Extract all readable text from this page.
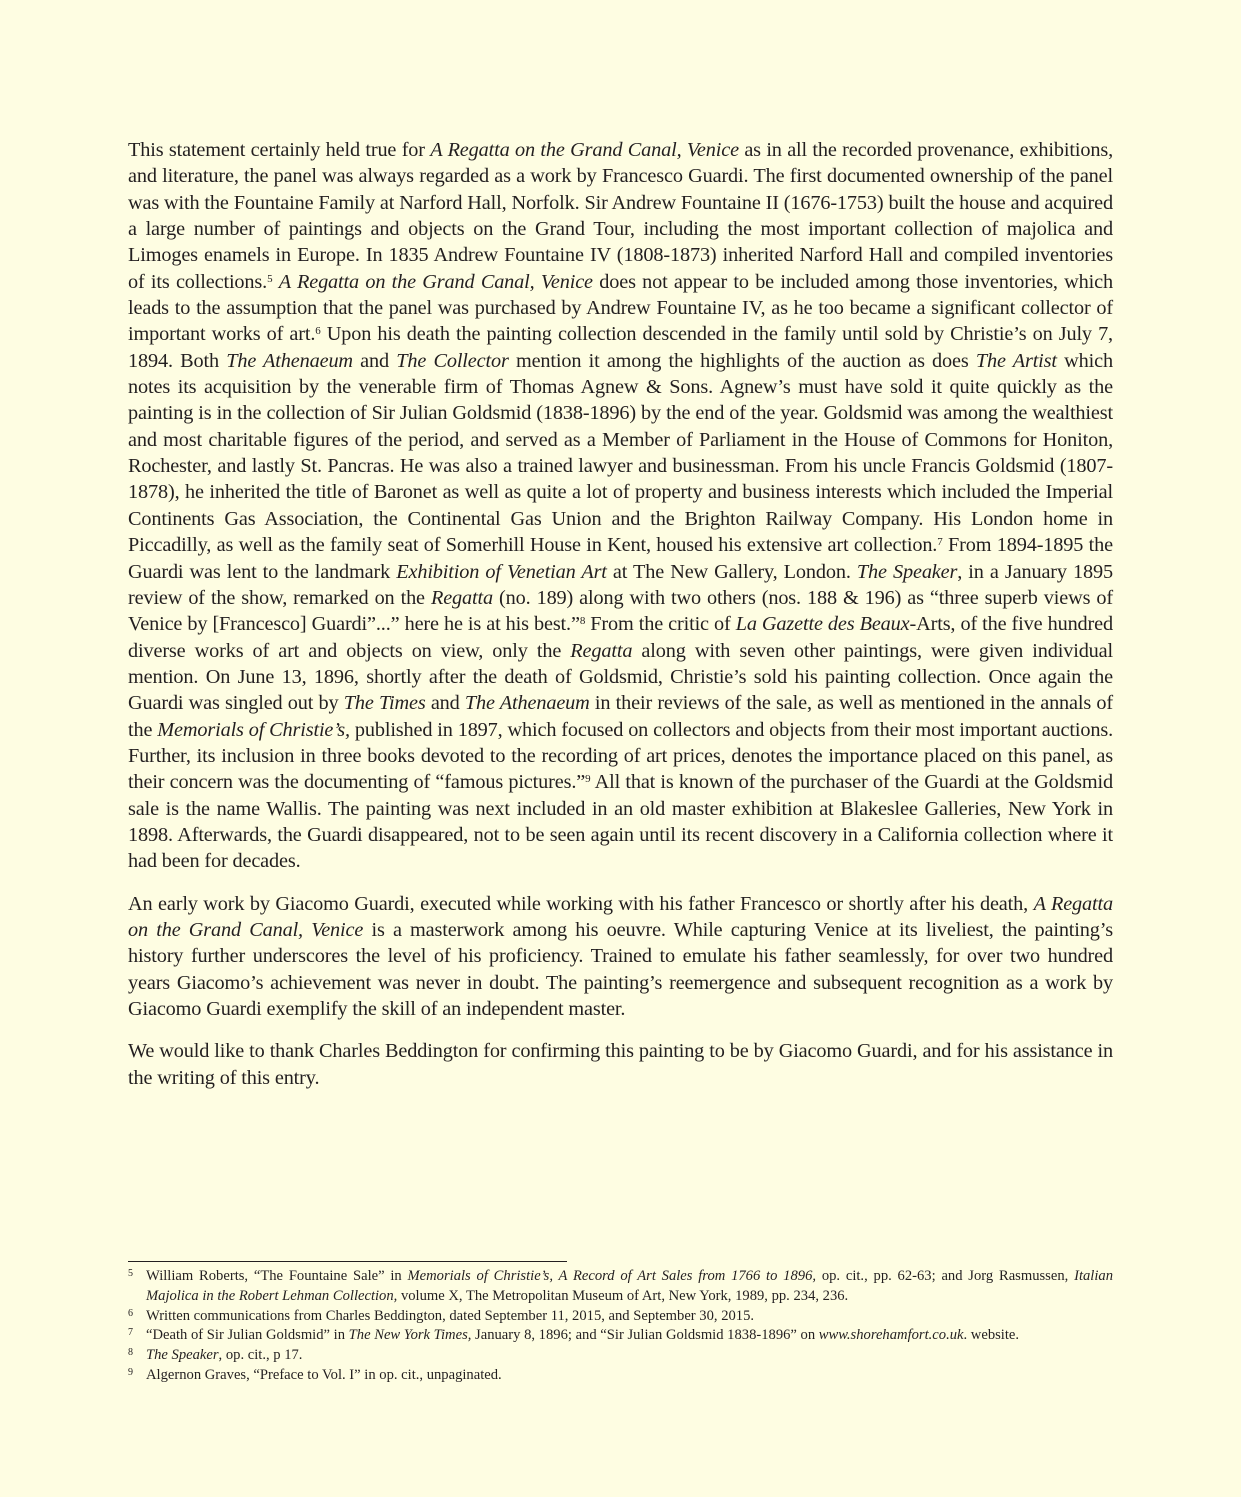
This statement certainly held true for A Regatta on the Grand Canal, Venice as in all the recorded provenance, exhibitions, and literature, the panel was always regarded as a work by Francesco Guardi. The first documented ownership of the panel was with the Fountaine Family at Narford Hall, Norfolk. Sir Andrew Fountaine II (1676-1753) built the house and acquired a large number of paintings and objects on the Grand Tour, including the most important collection of majolica and Limoges enamels in Europe. In 1835 Andrew Fountaine IV (1808-1873) inherited Narford Hall and compiled inventories of its collections.$^5$ A Regatta on the Grand Canal, Venice does not appear to be included among those inventories, which leads to the assumption that the panel was purchased by Andrew Fountaine IV, as he too became a significant collector of important works of art.$^6$ Upon his death the painting collection descended in the family until sold by Christie’s on July 7, 1894. Both The Athenaeum and The Collector mention it among the highlights of the auction as does The Artist which notes its acquisition by the venerable firm of Thomas Agnew & Sons. Agnew’s must have sold it quite quickly as the painting is in the collection of Sir Julian Goldsmid (1838-1896) by the end of the year. Goldsmid was among the wealthiest and most charitable figures of the period, and served as a Member of Parliament in the House of Commons for Honiton, Rochester, and lastly St. Pancras. He was also a trained lawyer and businessman. From his uncle Francis Goldsmid (1807-1878), he inherited the title of Baronet as well as quite a lot of property and business interests which included the Imperial Continents Gas Association, the Continental Gas Union and the Brighton Railway Company. His London home in Piccadilly, as well as the family seat of Somerhill House in Kent, housed his extensive art collection.$^7$ From 1894-1895 the Guardi was lent to the landmark Exhibition of Venetian Art at The New Gallery, London. The Speaker, in a January 1895 review of the show, remarked on the Regatta (no. 189) along with two others (nos. 188 & 196) as “three superb views of Venice by [Francesco] Guardi”...” here he is at his best.”$^8$ From the critic of La Gazette des Beaux-Arts, of the five hundred diverse works of art and objects on view, only the Regatta along with seven other paintings, were given individual mention. On June 13, 1896, shortly after the death of Goldsmid, Christie’s sold his painting collection. Once again the Guardi was singled out by The Times and The Athenaeum in their reviews of the sale, as well as mentioned in the annals of the Memorials of Christie’s, published in 1897, which focused on collectors and objects from their most important auctions. Further, its inclusion in three books devoted to the recording of art prices, denotes the importance placed on this panel, as their concern was the documenting of “famous pictures.”$^9$ All that is known of the purchaser of the Guardi at the Goldsmid sale is the name Wallis. The painting was next included in an old master exhibition at Blakeslee Galleries, New York in 1898. Afterwards, the Guardi disappeared, not to be seen again until its recent discovery in a California collection where it had been for decades.

An early work by Giacomo Guardi, executed while working with his father Francesco or shortly after his death, A Regatta on the Grand Canal, Venice is a masterwork among his oeuvre. While capturing Venice at its liveliest, the painting’s history further underscores the level of his proficiency. Trained to emulate his father seamlessly, for over two hundred years Giacomo’s achievement was never in doubt. The painting’s reemergence and subsequent recognition as a work by Giacomo Guardi exemplify the skill of an independent master.

We would like to thank Charles Beddington for confirming this painting to be by Giacomo Guardi, and for his assistance in the writing of this entry.

5 William Roberts, “The Fountaine Sale” in Memorials of Christie’s, A Record of Art Sales from 1766 to 1896, op. cit., pp. 62-63; and Jorg Rasmussen, Italian Majolica in the Robert Lehman Collection, volume X, The Metropolitan Museum of Art, New York, 1989, pp. 234, 236.
6 Written communications from Charles Beddington, dated September 11, 2015, and September 30, 2015.
7 “Death of Sir Julian Goldsmid” in The New York Times, January 8, 1896; and “Sir Julian Goldsmid 1838-1896” on www.shorehamfort.co.uk. website.
8 The Speaker, op. cit., p 17.
9 Algernon Graves, “Preface to Vol. I” in op. cit., unpaginated.
